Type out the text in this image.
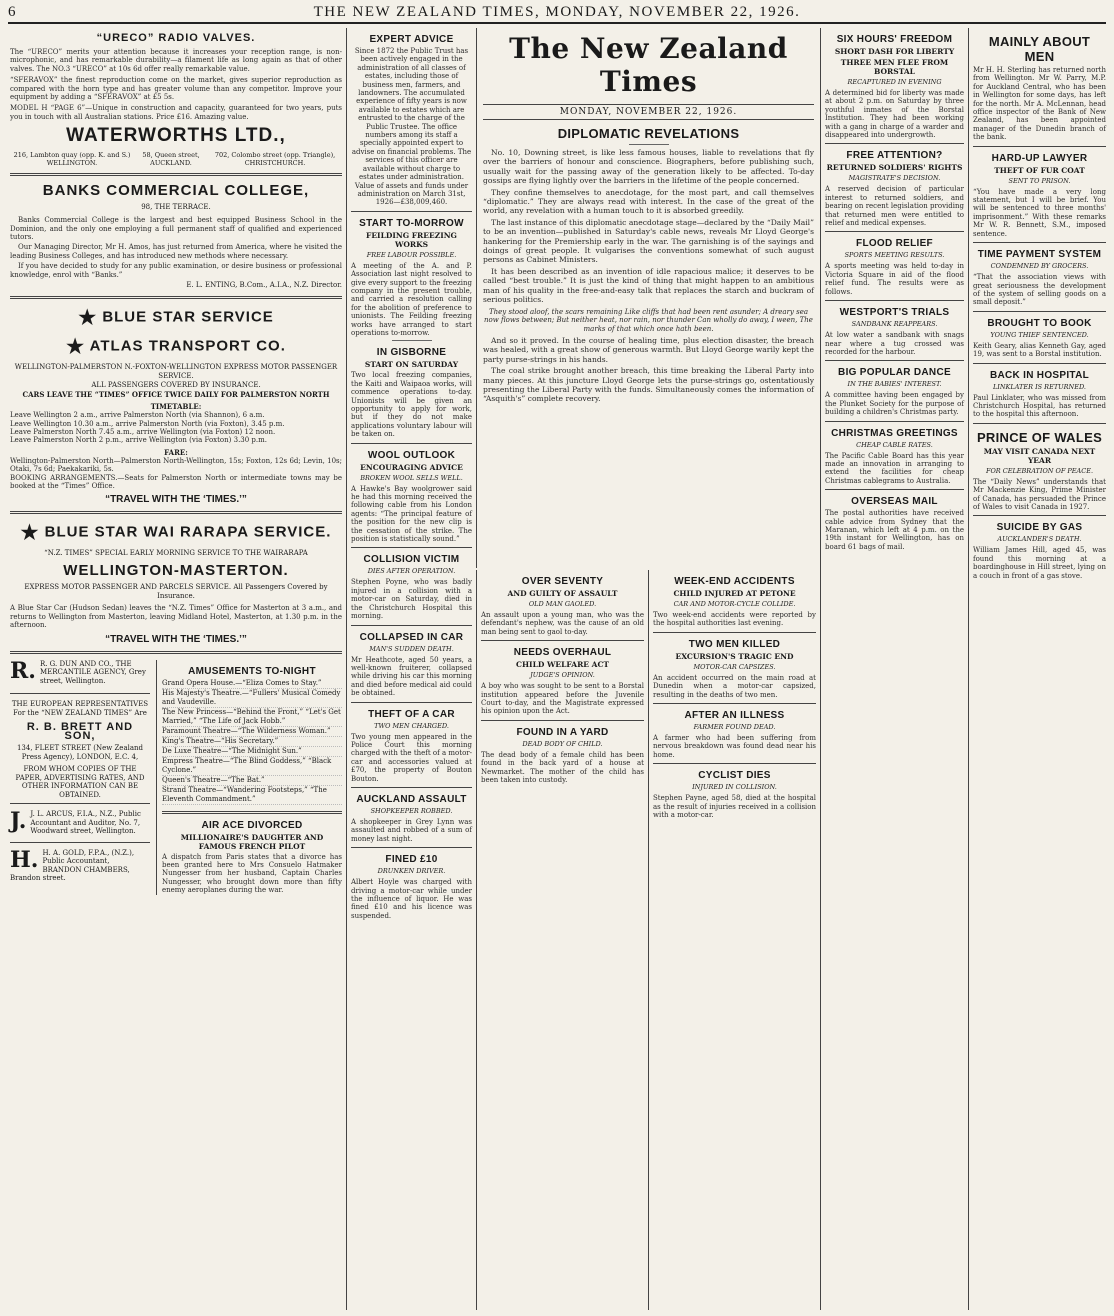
6	THE NEW ZEALAND TIMES, MONDAY, NOVEMBER 22, 1926.
“URECO” RADIO VALVES.
The “URECO” merits your attention because it increases your reception range, is non-microphonic, and has remarkable durability—a filament life as long again as that of other valves. The NO.3 “URECO” at 10s 6d offer really remarkable value.
“SFERAVOX” the finest reproduction come on the market, gives superior reproduction as compared with the horn type and has greater volume than any competitor. Improve your equipment by adding a “SFERAVOX” at £5 5s.
MODEL H “PAGE 6”—Unique in construction and capacity, guaranteed for two years, puts you in touch with all Australian stations. Price £16. Amazing value.
WATERWORTHS LTD.,
216, Lambton quay (opp. K. and S.) WELLINGTON.
58, Queen street, AUCKLAND.
702, Colombo street (opp. Triangle), CHRISTCHURCH.
BANKS COMMERCIAL COLLEGE,
98, THE TERRACE.

Banks Commercial College is the largest and best equipped Business School in the Dominion, and the only one employing a full permanent staff of qualified and experienced tutors.

Our Managing Director, Mr H. Amos, has just returned from America, where he visited the leading Business Colleges, and has introduced new methods where necessary.

If you have decided to study for any public examination, or desire business or professional knowledge, enrol with “Banks.”

E. L. ENTING, B.Com., A.I.A., N.Z. Director.
★ BLUE STAR SERVICE
★ ATLAS TRANSPORT CO.
WELLINGTON-PALMERSTON N.-FOXTON-WELLINGTON EXPRESS MOTOR PASSENGER SERVICE.
ALL PASSENGERS COVERED BY INSURANCE.
CARS LEAVE THE “TIMES” OFFICE TWICE DAILY FOR PALMERSTON NORTH
TIMETABLE:
Leave Wellington 2 a.m., arrive Palmerston North (via Shannon), 6 a.m.
Leave Wellington 10.30 a.m., arrive Palmerston North (via Foxton), 3.45 p.m.
Leave Palmerston North 7.45 a.m., arrive Wellington (via Foxton) 12 noon.
Leave Palmerston North 2 p.m., arrive Wellington (via Foxton) 3.30 p.m.
FARE:
Wellington-Palmerston North—Palmerston North-Wellington, 15s; Foxton, 12s 6d; Levin, 10s; Otaki, 7s 6d; Paekakariki, 5s.
BOOKING ARRANGEMENTS.—Seats for Palmerston North or intermediate towns may be booked at the “Times” Office.
“TRAVEL WITH THE ‘TIMES.’”
★ BLUE STAR WAI RARAPA SERVICE.
“N.Z. TIMES” SPECIAL EARLY MORNING SERVICE TO THE WAIRARAPA
WELLINGTON-MASTERTON.
EXPRESS MOTOR PASSENGER AND PARCELS SERVICE. All Passengers Covered by Insurance.
A Blue Star Car (Hudson Sedan) leaves the “N.Z. Times” Office for Masterton at 3 a.m., and returns to Wellington from Masterton, leaving Midland Hotel, Masterton, at 1.30 p.m. in the afternoon.
“TRAVEL WITH THE ‘TIMES.’”
R. R. G. DUN AND CO., THE MERCANTILE AGENCY, Grey street, Wellington.
THE EUROPEAN REPRESENTATIVES For the “NEW ZEALAND TIMES” Are
R. B. BRETT AND SON,
134, FLEET STREET (New Zealand Press Agency), LONDON, E.C. 4,
FROM WHOM COPIES OF THE PAPER, ADVERTISING RATES, AND OTHER INFORMATION CAN BE OBTAINED.
J. J. L. ARCUS, F.I.A., N.Z., Public Accountant and Auditor, No. 7, Woodward street, Wellington.
H. H. A. GOLD, F.P.A., (N.Z.), Public Accountant, BRANDON CHAMBERS, Brandon street.
AMUSEMENTS TO-NIGHT
Grand Opera House.—“Eliza Comes to Stay.”
His Majesty's Theatre.—“Fullers' Musical Comedy and Vaudeville.
The New Princess—“Behind the Front,” “Let's Get Married,” “The Life of Jack Hobb.”
Paramount Theatre—“The Wilderness Woman.”
King's Theatre—“His Secretary.”
De Luxe Theatre—“The Midnight Sun.”
Empress Theatre—“The Blind Goddess,” “Black Cyclone.”
Queen's Theatre—“The Bat.”
Strand Theatre—“Wandering Footsteps,” “The Eleventh Commandment.”
AIR ACE DIVORCED
MILLIONAIRE'S DAUGHTER AND FAMOUS FRENCH PILOT
A dispatch from Paris states that a divorce has been granted here to Mrs Consuelo Hatmaker Nungesser from her husband, Captain Charles Nungesser, who brought down more than fifty enemy aeroplanes during the war.
EXPERT ADVICE
Since 1872 the Public Trust has been actively engaged in the administration of all classes of estates, including those of business men, farmers, and landowners. The accumulated experience of fifty years is now available to estates which are entrusted to the charge of the Public Trustee. The office numbers among its staff a specially appointed expert to advise on financial problems. The services of this officer are available without charge to estates under administration. Value of assets and funds under administration on March 31st, 1926—£38,009,460.
START TO-MORROW
FEILDING FREEZING WORKS
FREE LABOUR POSSIBLE.
A meeting of the A. and P. Association last night resolved to give every support to the freezing company in the present trouble, and carried a resolution calling for the abolition of preference to unionists. The Feilding freezing works have arranged to start operations to-morrow.
IN GISBORNE
START ON SATURDAY
Two local freezing companies, the Kaiti and Waipaoa works, will commence operations to-day. Unionists will be given an opportunity to apply for work, but if they do not make applications voluntary labour will be taken on.
WOOL OUTLOOK
ENCOURAGING ADVICE
BROKEN WOOL SELLS WELL.
A Hawke's Bay woolgrower said he had this morning received the following cable from his London agents: “The principal feature of the position for the new clip is the cessation of the strike. The position is statistically sound.”
COLLISION VICTIM
DIES AFTER OPERATION.
Stephen Poyne, who was badly injured in a collision with a motor-car on Saturday, died in the Christchurch Hospital this morning.
COLLAPSED IN CAR
MAN'S SUDDEN DEATH.
Mr Heathcote, aged 50 years, a well-known fruiterer, collapsed while driving his car this morning and died before medical aid could be obtained.
THEFT OF A CAR
TWO MEN CHARGED.
Two young men appeared in the Police Court this morning charged with the theft of a motor-car and accessories valued at £70, the property of Bouton Bouton.
AUCKLAND ASSAULT
SHOPKEEPER ROBBED.
A shopkeeper in Grey Lynn was assaulted and robbed of a sum of money last night.
FINED £10
DRUNKEN DRIVER.
Albert Hoyle was charged with driving a motor-car while under the influence of liquor. He was fined £10 and his licence was suspended.
The New Zealand Times
MONDAY, NOVEMBER 22, 1926.
DIPLOMATIC REVELATIONS

No. 10, Downing street, is like less famous houses, liable to revelations that fly over the barriers of honour and conscience. Biographers, before publishing such, usually wait for the passing away of the generation likely to be affected. To-day gossips are flying lightly over the barriers in the lifetime of the people concerned.

They confine themselves to anecdotage, for the most part, and call themselves “diplomatic.” They are always read with interest. In the case of the great of the world, any revelation with a human touch to it is absorbed greedily.

The last instance of this diplomatic anecdotage stage—declared by the “Daily Mail” to be an invention—published in Saturday's cable news, reveals Mr Lloyd George's hankering for the Premiership early in the war. The garnishing is of the sayings and doings of great people. It vulgarises the conventions somewhat of such august persons as Cabinet Ministers.

It has been described as an invention of idle rapacious malice; it deserves to be called “best trouble.” It is just the kind of thing that might happen to an ambitious man of his quality in the free-and-easy talk that replaces the starch and buckram of serious politics.

They stood aloof, the scars remaining Like cliffs that had been rent asunder; A dreary sea now flows between; But neither heat, nor rain, nor thunder Can wholly do away, I ween, The marks of that which once hath been.

And so it proved. In the course of healing time, plus election disaster, the breach was healed, with a great show of generous warmth. But Lloyd George warily kept the party purse-strings in his hands.

The coal strike brought another breach, this time breaking the Liberal Party into many pieces. At this juncture Lloyd George lets the purse-strings go, ostentatiously presenting the Liberal Party with the funds. Simultaneously comes the information of “Asquith's” complete recovery.

OVER SEVENTY
AND GUILTY OF ASSAULT
OLD MAN GAOLED.
An assault upon a young man, who was the defendant's nephew, was the cause of an old man being sent to gaol to-day.
NEEDS OVERHAUL
CHILD WELFARE ACT
JUDGE'S OPINION.
A boy who was sought to be sent to a Borstal institution appeared before the Juvenile Court to-day, and the Magistrate expressed his opinion upon the Act.
FOUND IN A YARD
DEAD BODY OF CHILD.
The dead body of a female child has been found in the back yard of a house at Newmarket. The mother of the child has been taken into custody.
WEEK-END ACCIDENTS
CHILD INJURED AT PETONE
CAR AND MOTOR-CYCLE COLLIDE.
Two week-end accidents were reported by the hospital authorities last evening.
TWO MEN KILLED
EXCURSION'S TRAGIC END
MOTOR-CAR CAPSIZES.
An accident occurred on the main road at Dunedin when a motor-car capsized, resulting in the deaths of two men.
AFTER AN ILLNESS
FARMER FOUND DEAD.
A farmer who had been suffering from nervous breakdown was found dead near his home.
CYCLIST DIES
INJURED IN COLLISION.
Stephen Payne, aged 58, died at the hospital as the result of injuries received in a collision with a motor-car.
SIX HOURS' FREEDOM
SHORT DASH FOR LIBERTY
THREE MEN FLEE FROM BORSTAL
RECAPTURED IN EVENING
A determined bid for liberty was made at about 2 p.m. on Saturday by three youthful inmates of the Borstal Institution. They had been working with a gang in charge of a warder and disappeared into undergrowth.
FREE ATTENTION?
RETURNED SOLDIERS' RIGHTS
MAGISTRATE'S DECISION.
A reserved decision of particular interest to returned soldiers, and bearing on recent legislation providing that returned men were entitled to relief and medical expenses.
FLOOD RELIEF
SPORTS MEETING RESULTS.
A sports meeting was held to-day in Victoria Square in aid of the flood relief fund. The results were as follows.
WESTPORT'S TRIALS
SANDBANK REAPPEARS.
At low water a sandbank with snags near where a tug crossed was recorded for the harbour.
BIG POPULAR DANCE
IN THE BABIES' INTEREST.
A committee having been engaged by the Plunket Society for the purpose of building a children's Christmas party.
CHRISTMAS GREETINGS
CHEAP CABLE RATES.
The Pacific Cable Board has this year made an innovation in arranging to extend the facilities for cheap Christmas cablegrams to Australia.
OVERSEAS MAIL
The postal authorities have received cable advice from Sydney that the Maranan, which left at 4 p.m. on the 19th instant for Wellington, has on board 61 bags of mail.
MAINLY ABOUT MEN
Mr H. H. Sterling has returned north from Wellington. Mr W. Parry, M.P. for Auckland Central, who has been in Wellington for some days, has left for the north. Mr A. McLennan, head office inspector of the Bank of New Zealand, has been appointed manager of the Dunedin branch of the bank.
HARD-UP LAWYER
THEFT OF FUR COAT
SENT TO PRISON.
“You have made a very long statement, but I will be brief. You will be sentenced to three months' imprisonment.” With these remarks Mr W. R. Bennett, S.M., imposed sentence.
TIME PAYMENT SYSTEM
CONDEMNED BY GROCERS.
“That the association views with great seriousness the development of the system of selling goods on a small deposit.”
BROUGHT TO BOOK
YOUNG THIEF SENTENCED.
Keith Geary, alias Kenneth Gay, aged 19, was sent to a Borstal institution.
BACK IN HOSPITAL
LINKLATER IS RETURNED.
Paul Linklater, who was missed from Christchurch Hospital, has returned to the hospital this afternoon.
PRINCE OF WALES
MAY VISIT CANADA NEXT YEAR
FOR CELEBRATION OF PEACE.
The “Daily News” understands that Mr Mackenzie King, Prime Minister of Canada, has persuaded the Prince of Wales to visit Canada in 1927.
SUICIDE BY GAS
AUCKLANDER'S DEATH.
William James Hill, aged 45, was found this morning at a boardinghouse in Hill street, lying on a couch in front of a gas stove.
